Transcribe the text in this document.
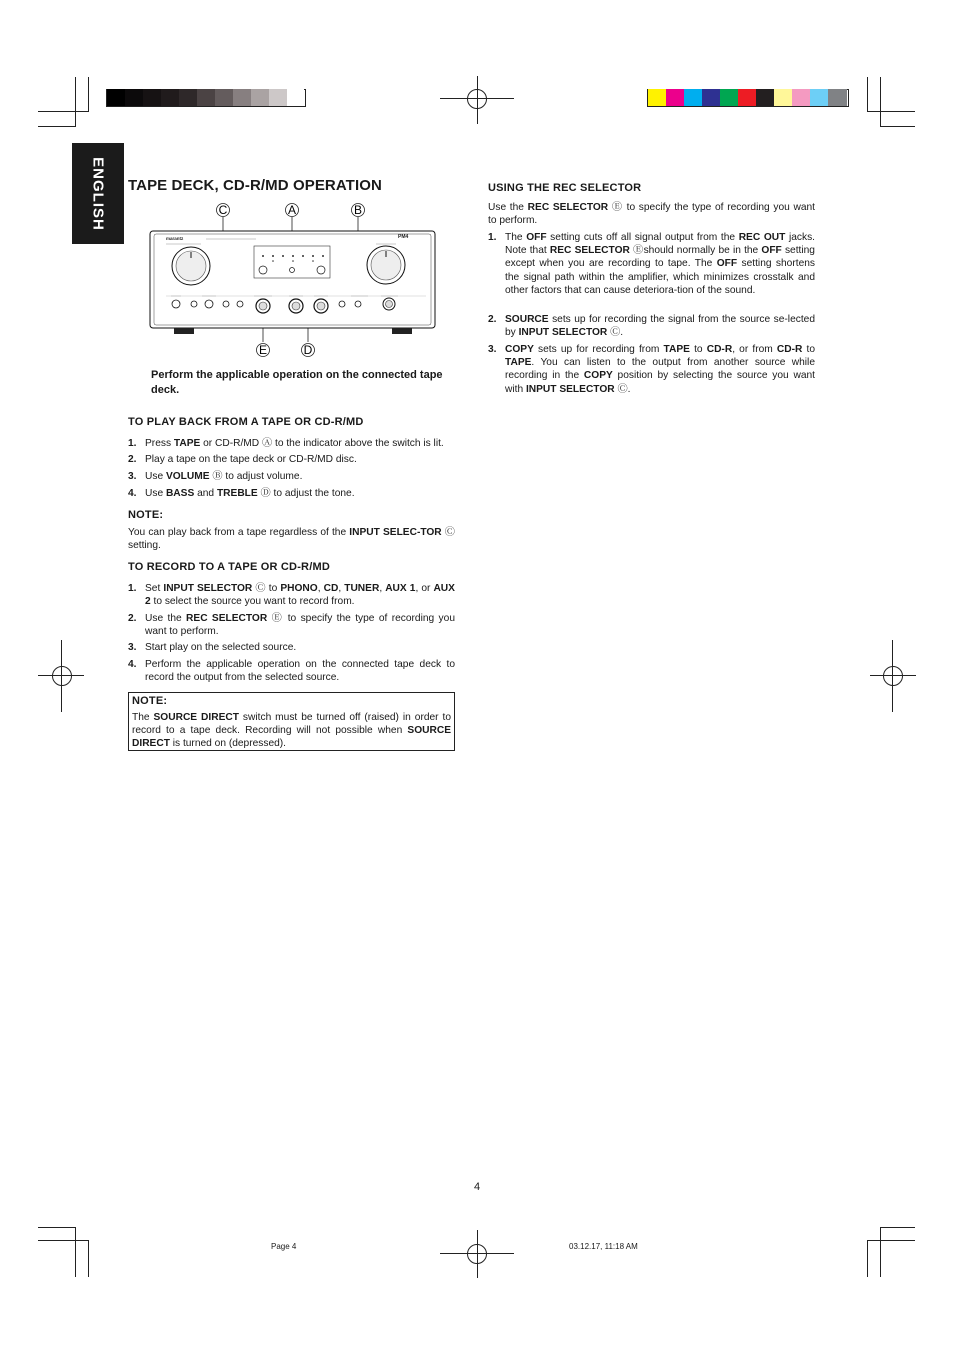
ENGLISH TAPE DECK, CD-R/MD OPERATION
C	A	B
E	D
marantz	PM4
Perform the applicable operation on the connected tape deck.
TO PLAY BACK FROM A TAPE OR CD-R/MD
1. Press TAPE or CD-R/MD Ⓐ to the indicator above the switch is lit.
2. Play a tape on the tape deck or CD-R/MD disc.
3. Use VOLUME Ⓑ to adjust volume.
4. Use BASS and TREBLE Ⓓ to adjust the tone.
NOTE:
You can play back from a tape regardless of the INPUT SELEC-TOR Ⓒ setting.
TO RECORD TO A TAPE OR CD-R/MD
1. Set INPUT SELECTOR Ⓒ to PHONO, CD, TUNER, AUX 1, or AUX 2 to select the source you want to record from.
2. Use the REC SELECTOR Ⓔ to specify the type of recording you want to perform.
3. Start play on the selected source.
4. Perform the applicable operation on the connected tape deck to record the output from the selected source.
NOTE:
The SOURCE DIRECT switch must be turned off (raised) in order to record to a tape deck. Recording will not possible when SOURCE DIRECT is turned on (depressed).
USING THE REC SELECTOR
Use the REC SELECTOR Ⓔ to specify the type of recording you want to perform.
1. The OFF setting cuts off all signal output from the REC OUT jacks. Note that REC SELECTOR Ⓔshould normally be in the OFF setting except when you are recording to tape. The OFF setting shortens the signal path within the amplifier, which minimizes crosstalk and other factors that can cause deteriora-tion of the sound.
2. SOURCE sets up for recording the signal from the source se-lected by INPUT SELECTOR Ⓒ.
3. COPY sets up for recording from TAPE to CD-R, or from CD-R to TAPE. You can listen to the output from another source while recording in the COPY position by selecting the source you want with INPUT SELECTOR Ⓒ.
4
Page 4	03.12.17, 11:18 AM
